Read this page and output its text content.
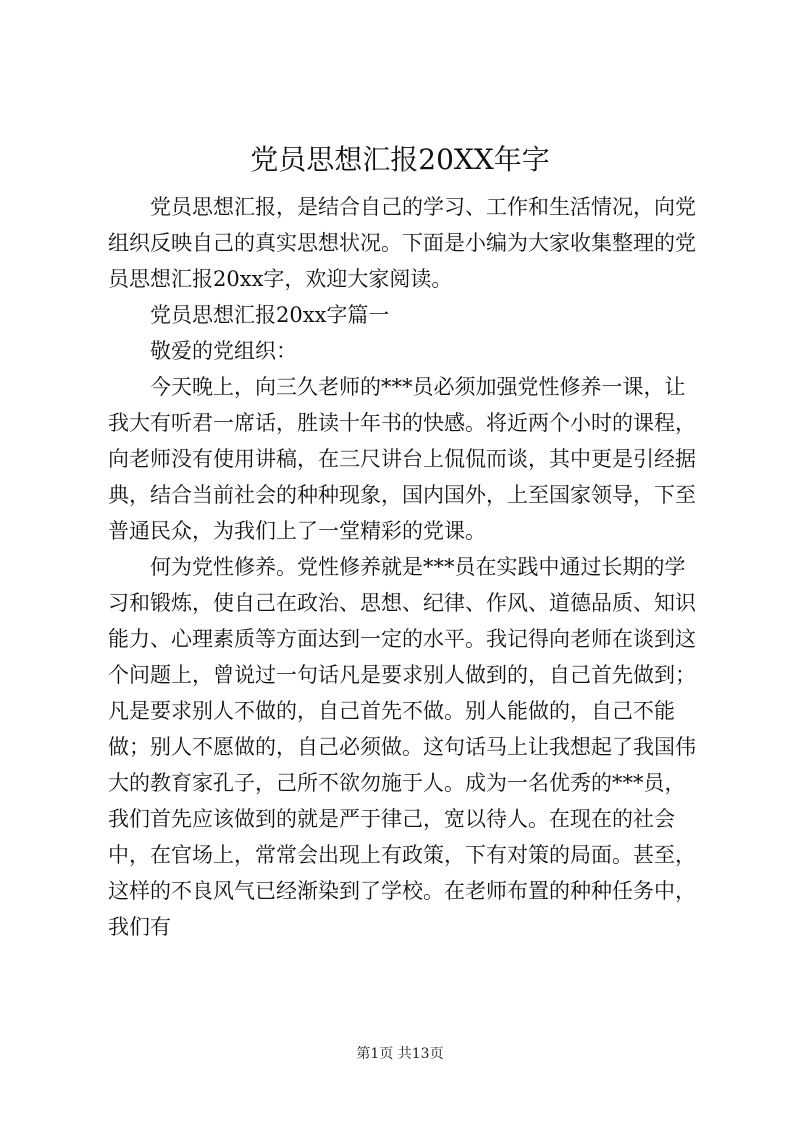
党员思想汇报20XX年字

党员思想汇报，是结合自己的学习、工作和生活情况，向党组织反映自己的真实思想状况。下面是小编为大家收集整理的党员思想汇报20xx字，欢迎大家阅读。

党员思想汇报20xx字篇一

敬爱的党组织：

今天晚上，向三久老师的***员必须加强党性修养一课，让我大有听君一席话，胜读十年书的快感。将近两个小时的课程，向老师没有使用讲稿，在三尺讲台上侃侃而谈，其中更是引经据典，结合当前社会的种种现象，国内国外，上至国家领导，下至普通民众，为我们上了一堂精彩的党课。

何为党性修养。党性修养就是***员在实践中通过长期的学习和锻炼，使自己在政治、思想、纪律、作风、道德品质、知识能力、心理素质等方面达到一定的水平。我记得向老师在谈到这个问题上，曾说过一句话凡是要求别人做到的，自己首先做到；凡是要求别人不做的，自己首先不做。别人能做的，自己不能做；别人不愿做的，自己必须做。这句话马上让我想起了我国伟大的教育家孔子，己所不欲勿施于人。成为一名优秀的***员，我们首先应该做到的就是严于律己，宽以待人。在现在的社会中，在官场上，常常会出现上有政策，下有对策的局面。甚至，这样的不良风气已经渐染到了学校。在老师布置的种种任务中，我们有

第1页 共13页
